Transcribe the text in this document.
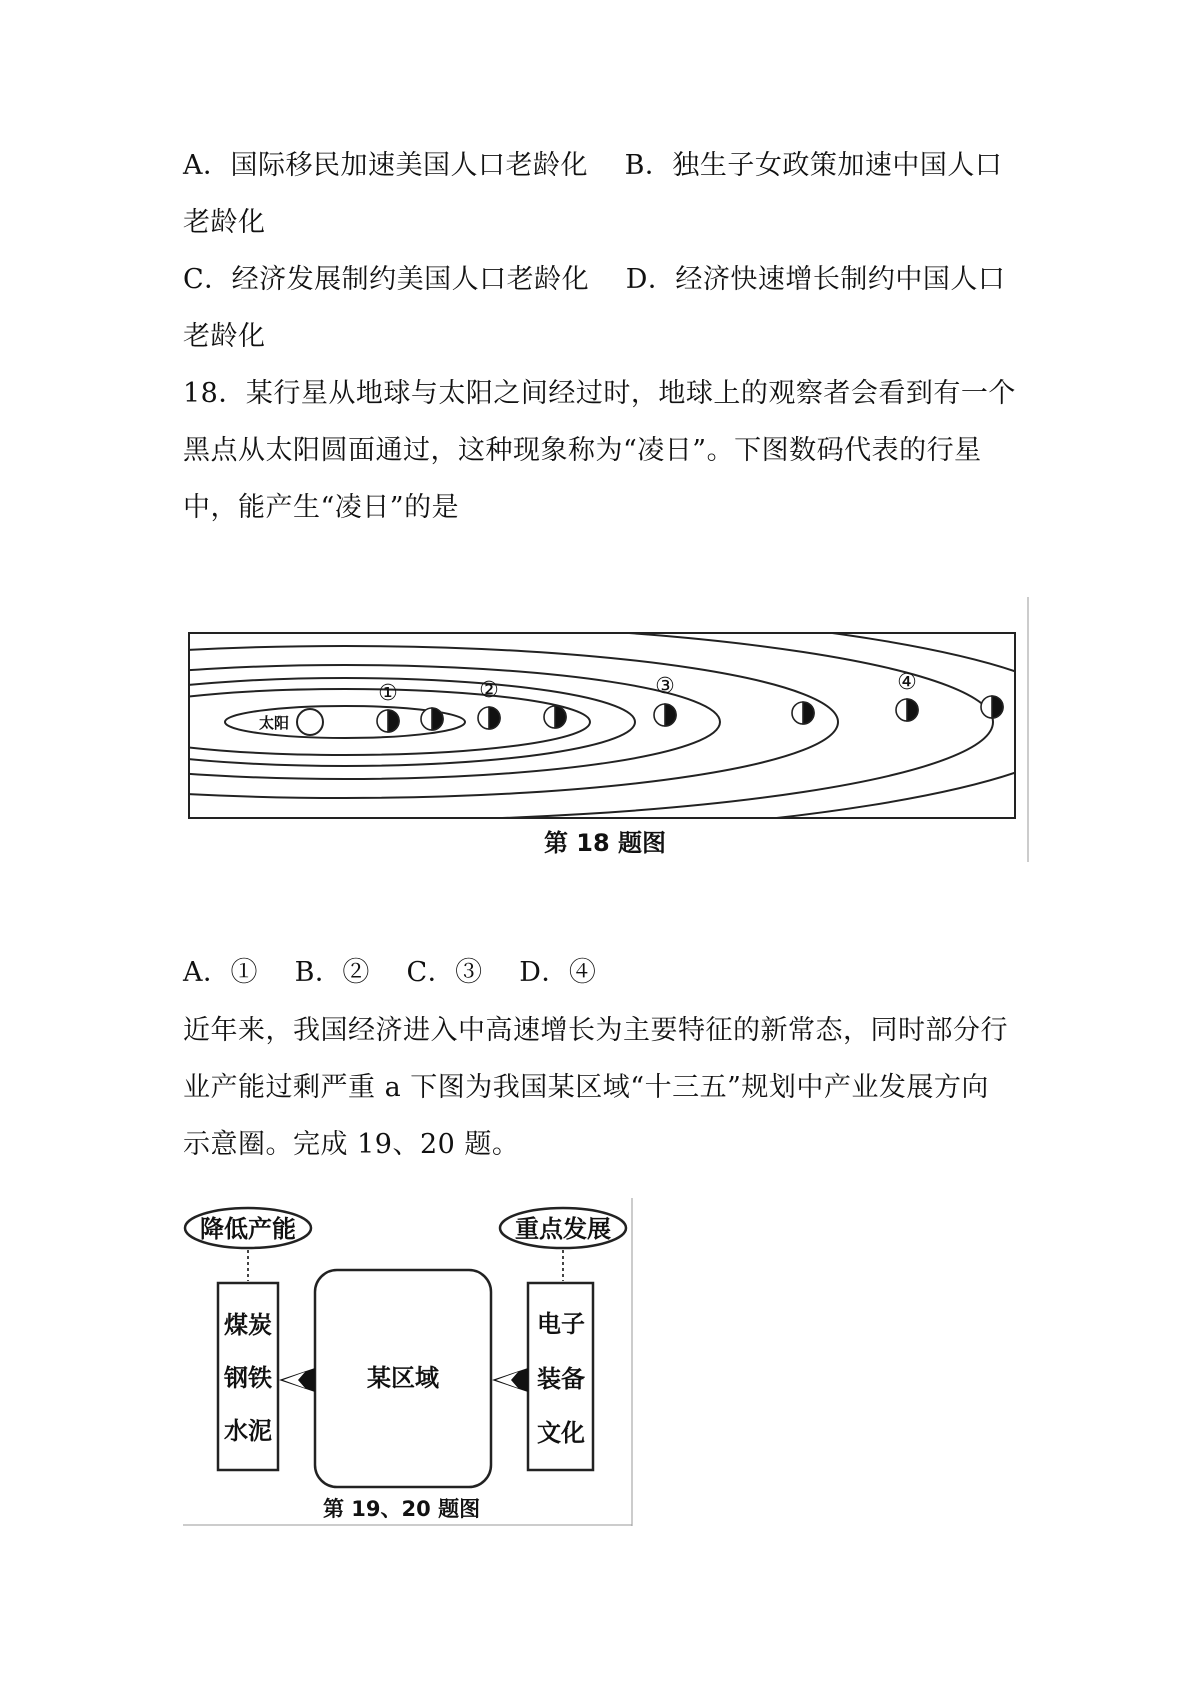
A．国际移民加速美国人口老龄化　 B．独生子女政策加速中国人口
老龄化
C．经济发展制约美国人口老龄化　 D．经济快速增长制约中国人口
老龄化
18．某行星从地球与太阳之间经过时，地球上的观察者会看到有一个
黑点从太阳圆面通过，这种现象称为“凌日”。下图数码代表的行星
中，能产生“凌日”的是
太阳
①	②	③	④
第 18 题图
A．①　 B．②　 C．③　 D．④
近年来，我国经济进入中高速增长为主要特征的新常态，同时部分行
业产能过剩严重 a 下图为我国某区域“十三五”规划中产业发展方向
示意圈。完成 19、20 题。
降低产能	重点发展
煤炭
钢铁
水泥
某区域
电子
装备
文化
第 19、20 题图
